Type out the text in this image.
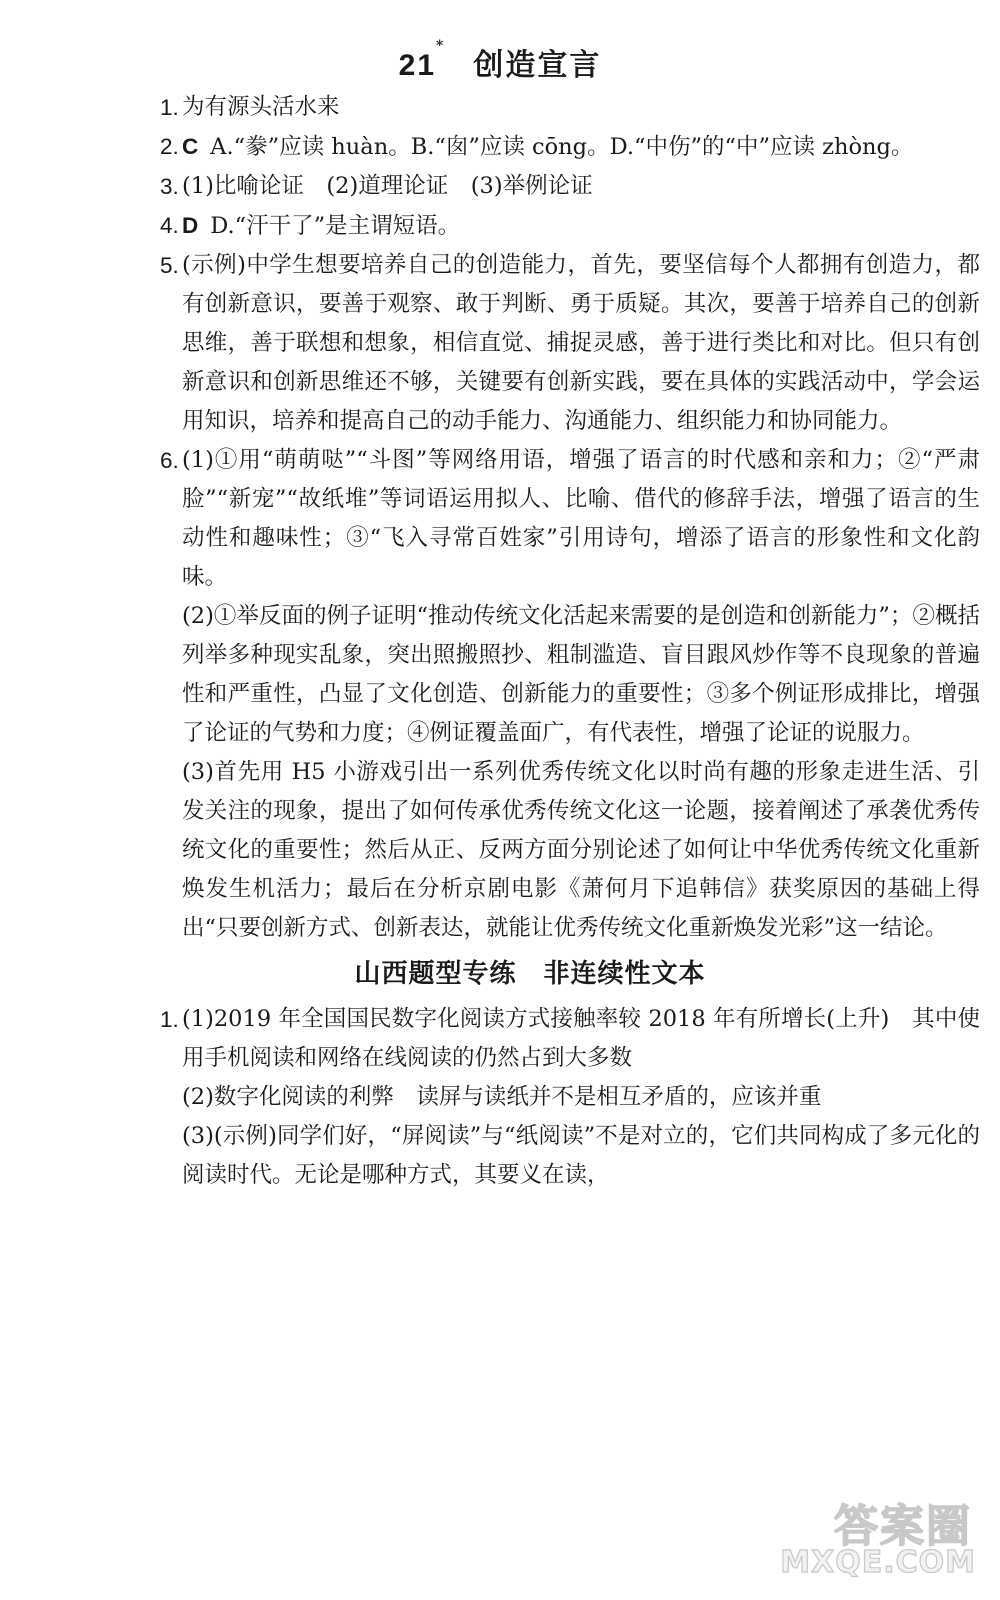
21*创造宣言
1. 为有源头活水来
2. C A.“豢”应读 huàn。B.“囱”应读 cōng。D.“中伤”的“中”应读 zhòng。
3. (1)比喻论证　(2)道理论证　(3)举例论证
4. D D.“汗干了”是主谓短语。
5. (示例)中学生想要培养自己的创造能力，首先，要坚信每个人都拥有创造力，都有创新意识，要善于观察、敢于判断、勇于质疑。其次，要善于培养自己的创新思维，善于联想和想象，相信直觉、捕捉灵感，善于进行类比和对比。但只有创新意识和创新思维还不够，关键要有创新实践，要在具体的实践活动中，学会运用知识，培养和提高自己的动手能力、沟通能力、组织能力和协同能力。
6. (1)①用“萌萌哒”“斗图”等网络用语，增强了语言的时代感和亲和力；②“严肃脸”“新宠”“故纸堆”等词语运用拟人、比喻、借代的修辞手法，增强了语言的生动性和趣味性；③“飞入寻常百姓家”引用诗句，增添了语言的形象性和文化韵味。
(2)①举反面的例子证明“推动传统文化活起来需要的是创造和创新能力”；②概括列举多种现实乱象，突出照搬照抄、粗制滥造、盲目跟风炒作等不良现象的普遍性和严重性，凸显了文化创造、创新能力的重要性；③多个例证形成排比，增强了论证的气势和力度；④例证覆盖面广，有代表性，增强了论证的说服力。
(3)首先用 H5 小游戏引出一系列优秀传统文化以时尚有趣的形象走进生活、引发关注的现象，提出了如何传承优秀传统文化这一论题，接着阐述了承袭优秀传统文化的重要性；然后从正、反两方面分别论述了如何让中华优秀传统文化重新焕发生机活力；最后在分析京剧电影《萧何月下追韩信》获奖原因的基础上得出“只要创新方式、创新表达，就能让优秀传统文化重新焕发光彩”这一结论。
山西题型专练　非连续性文本
1. (1)2019 年全国国民数字化阅读方式接触率较 2018 年有所增长(上升)　其中使用手机阅读和网络在线阅读的仍然占到大多数
(2)数字化阅读的利弊　读屏与读纸并不是相互矛盾的，应该并重
(3)(示例)同学们好，“屏阅读”与“纸阅读”不是对立的，它们共同构成了多元化的阅读时代。无论是哪种方式，其要义在读，
答案圈
MXQE.COM
